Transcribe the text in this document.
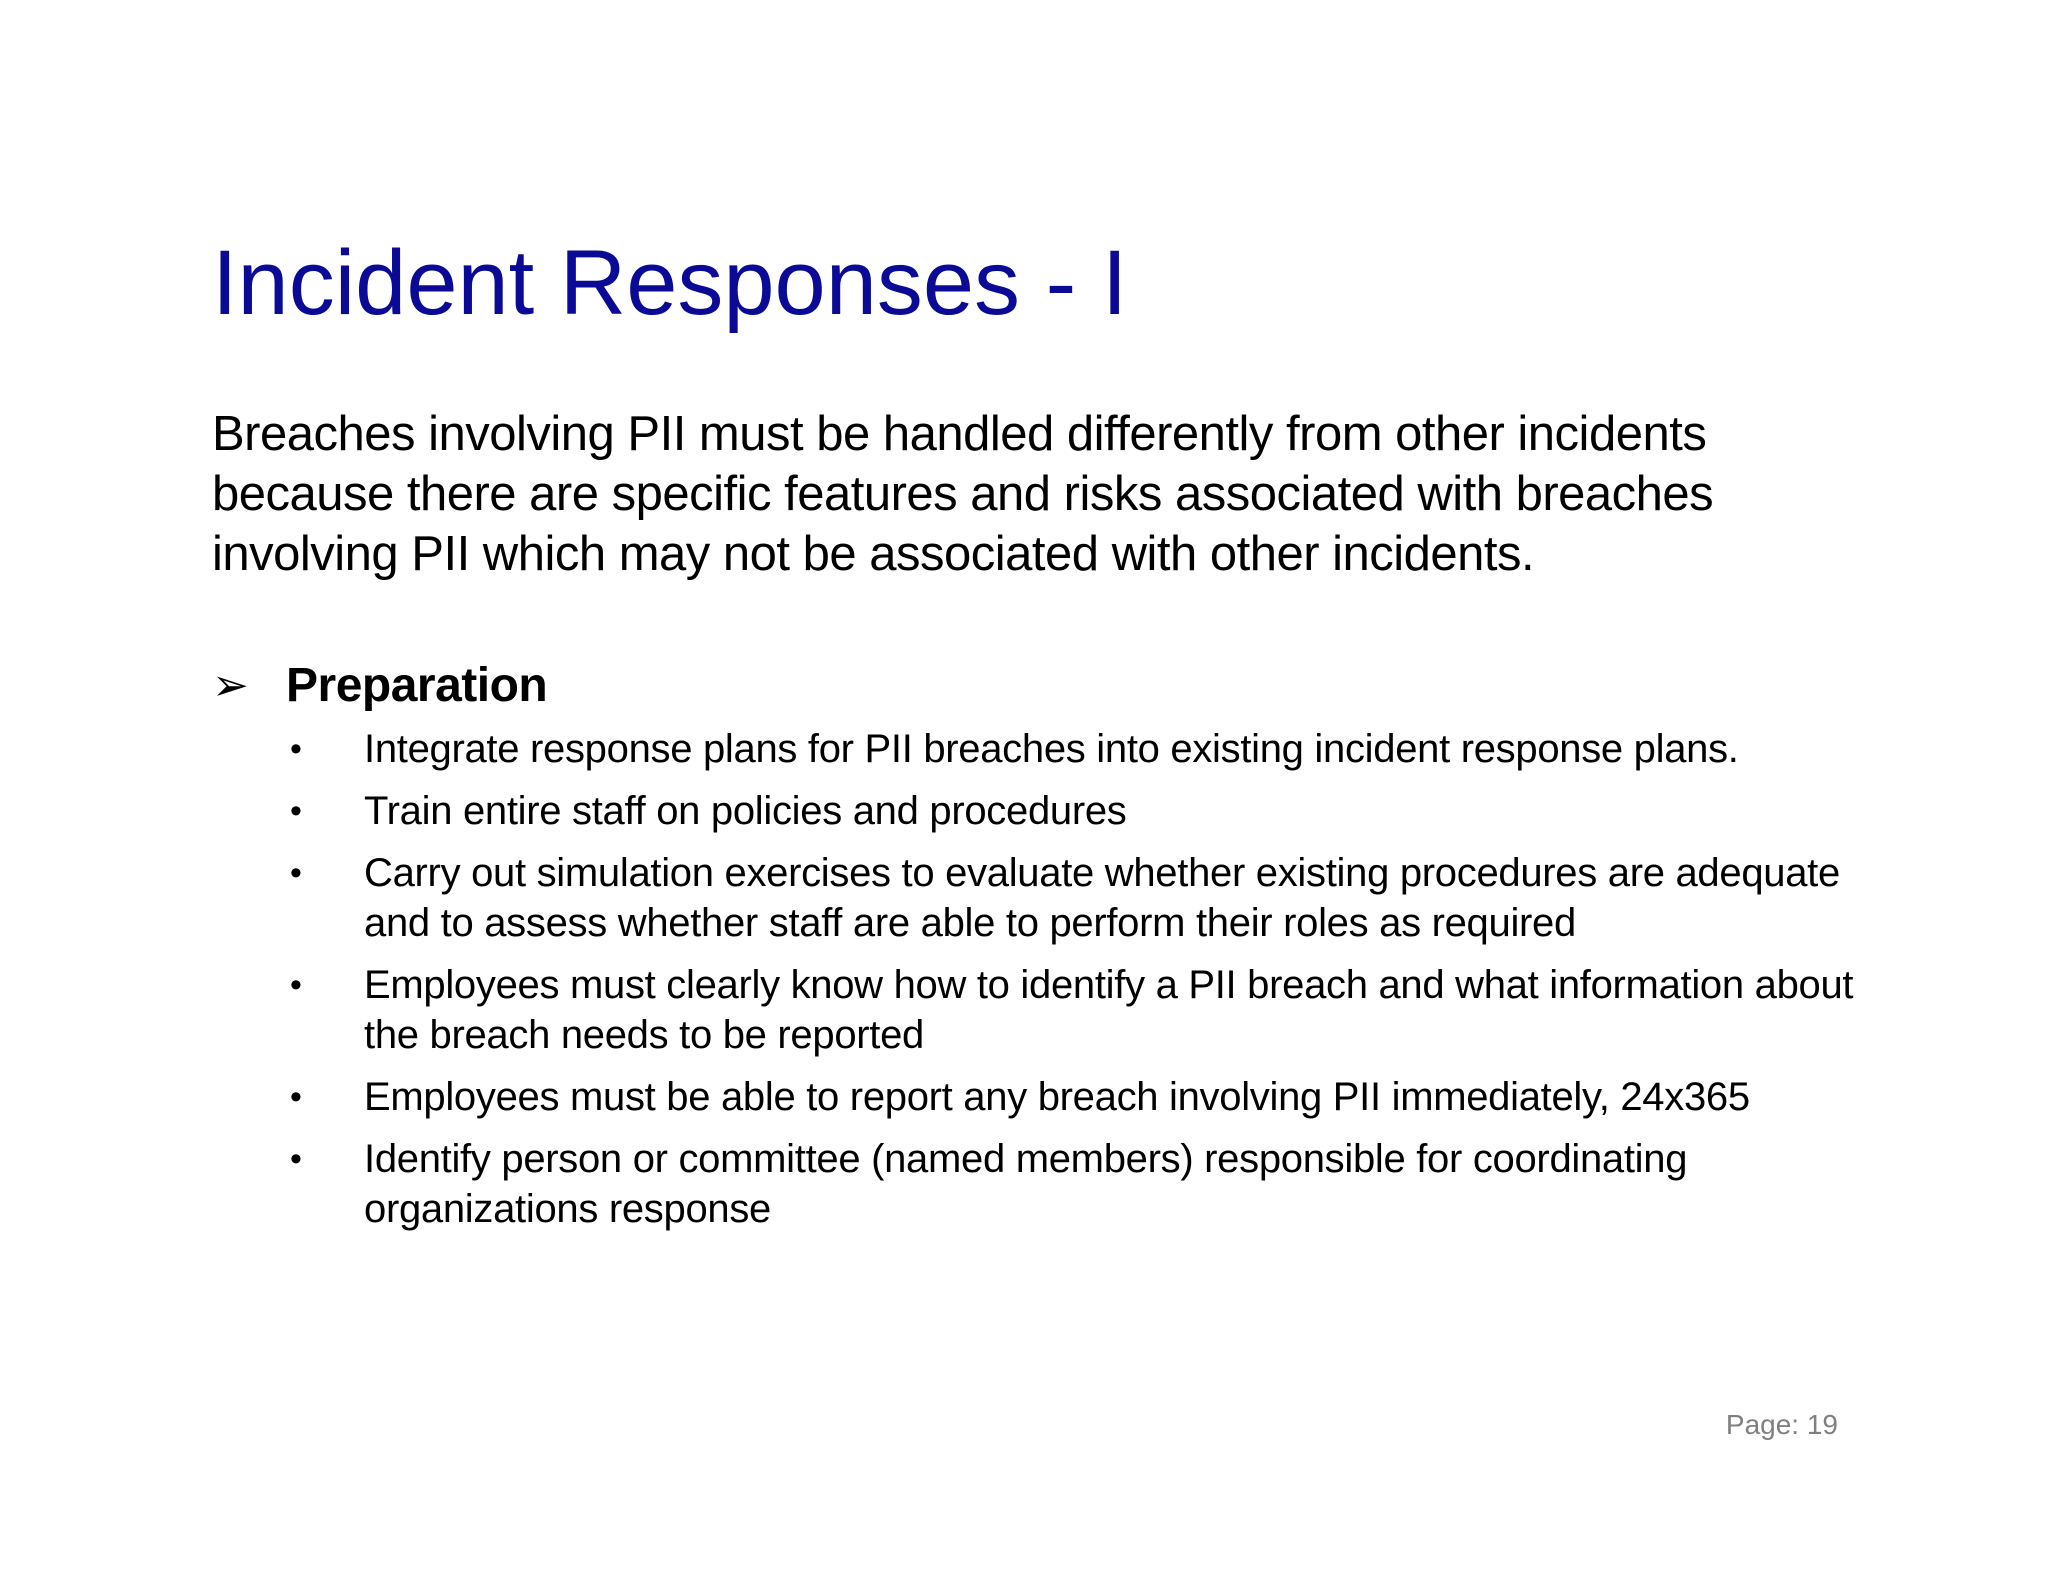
Incident Responses - I

Breaches involving PII must be handled differently from other incidents because there are specific features and risks associated with breaches involving PII which may not be associated with other incidents.

➢ Preparation
• Integrate response plans for PII breaches into existing incident response plans.
• Train entire staff on policies and procedures
• Carry out simulation exercises to evaluate whether existing procedures are adequate and to assess whether staff are able to perform their roles as required
• Employees must clearly know how to identify a PII breach and what information about the breach needs to be reported
• Employees must be able to report any breach involving PII immediately, 24x365
• Identify person or committee (named members) responsible for coordinating organizations response
Page: 19
